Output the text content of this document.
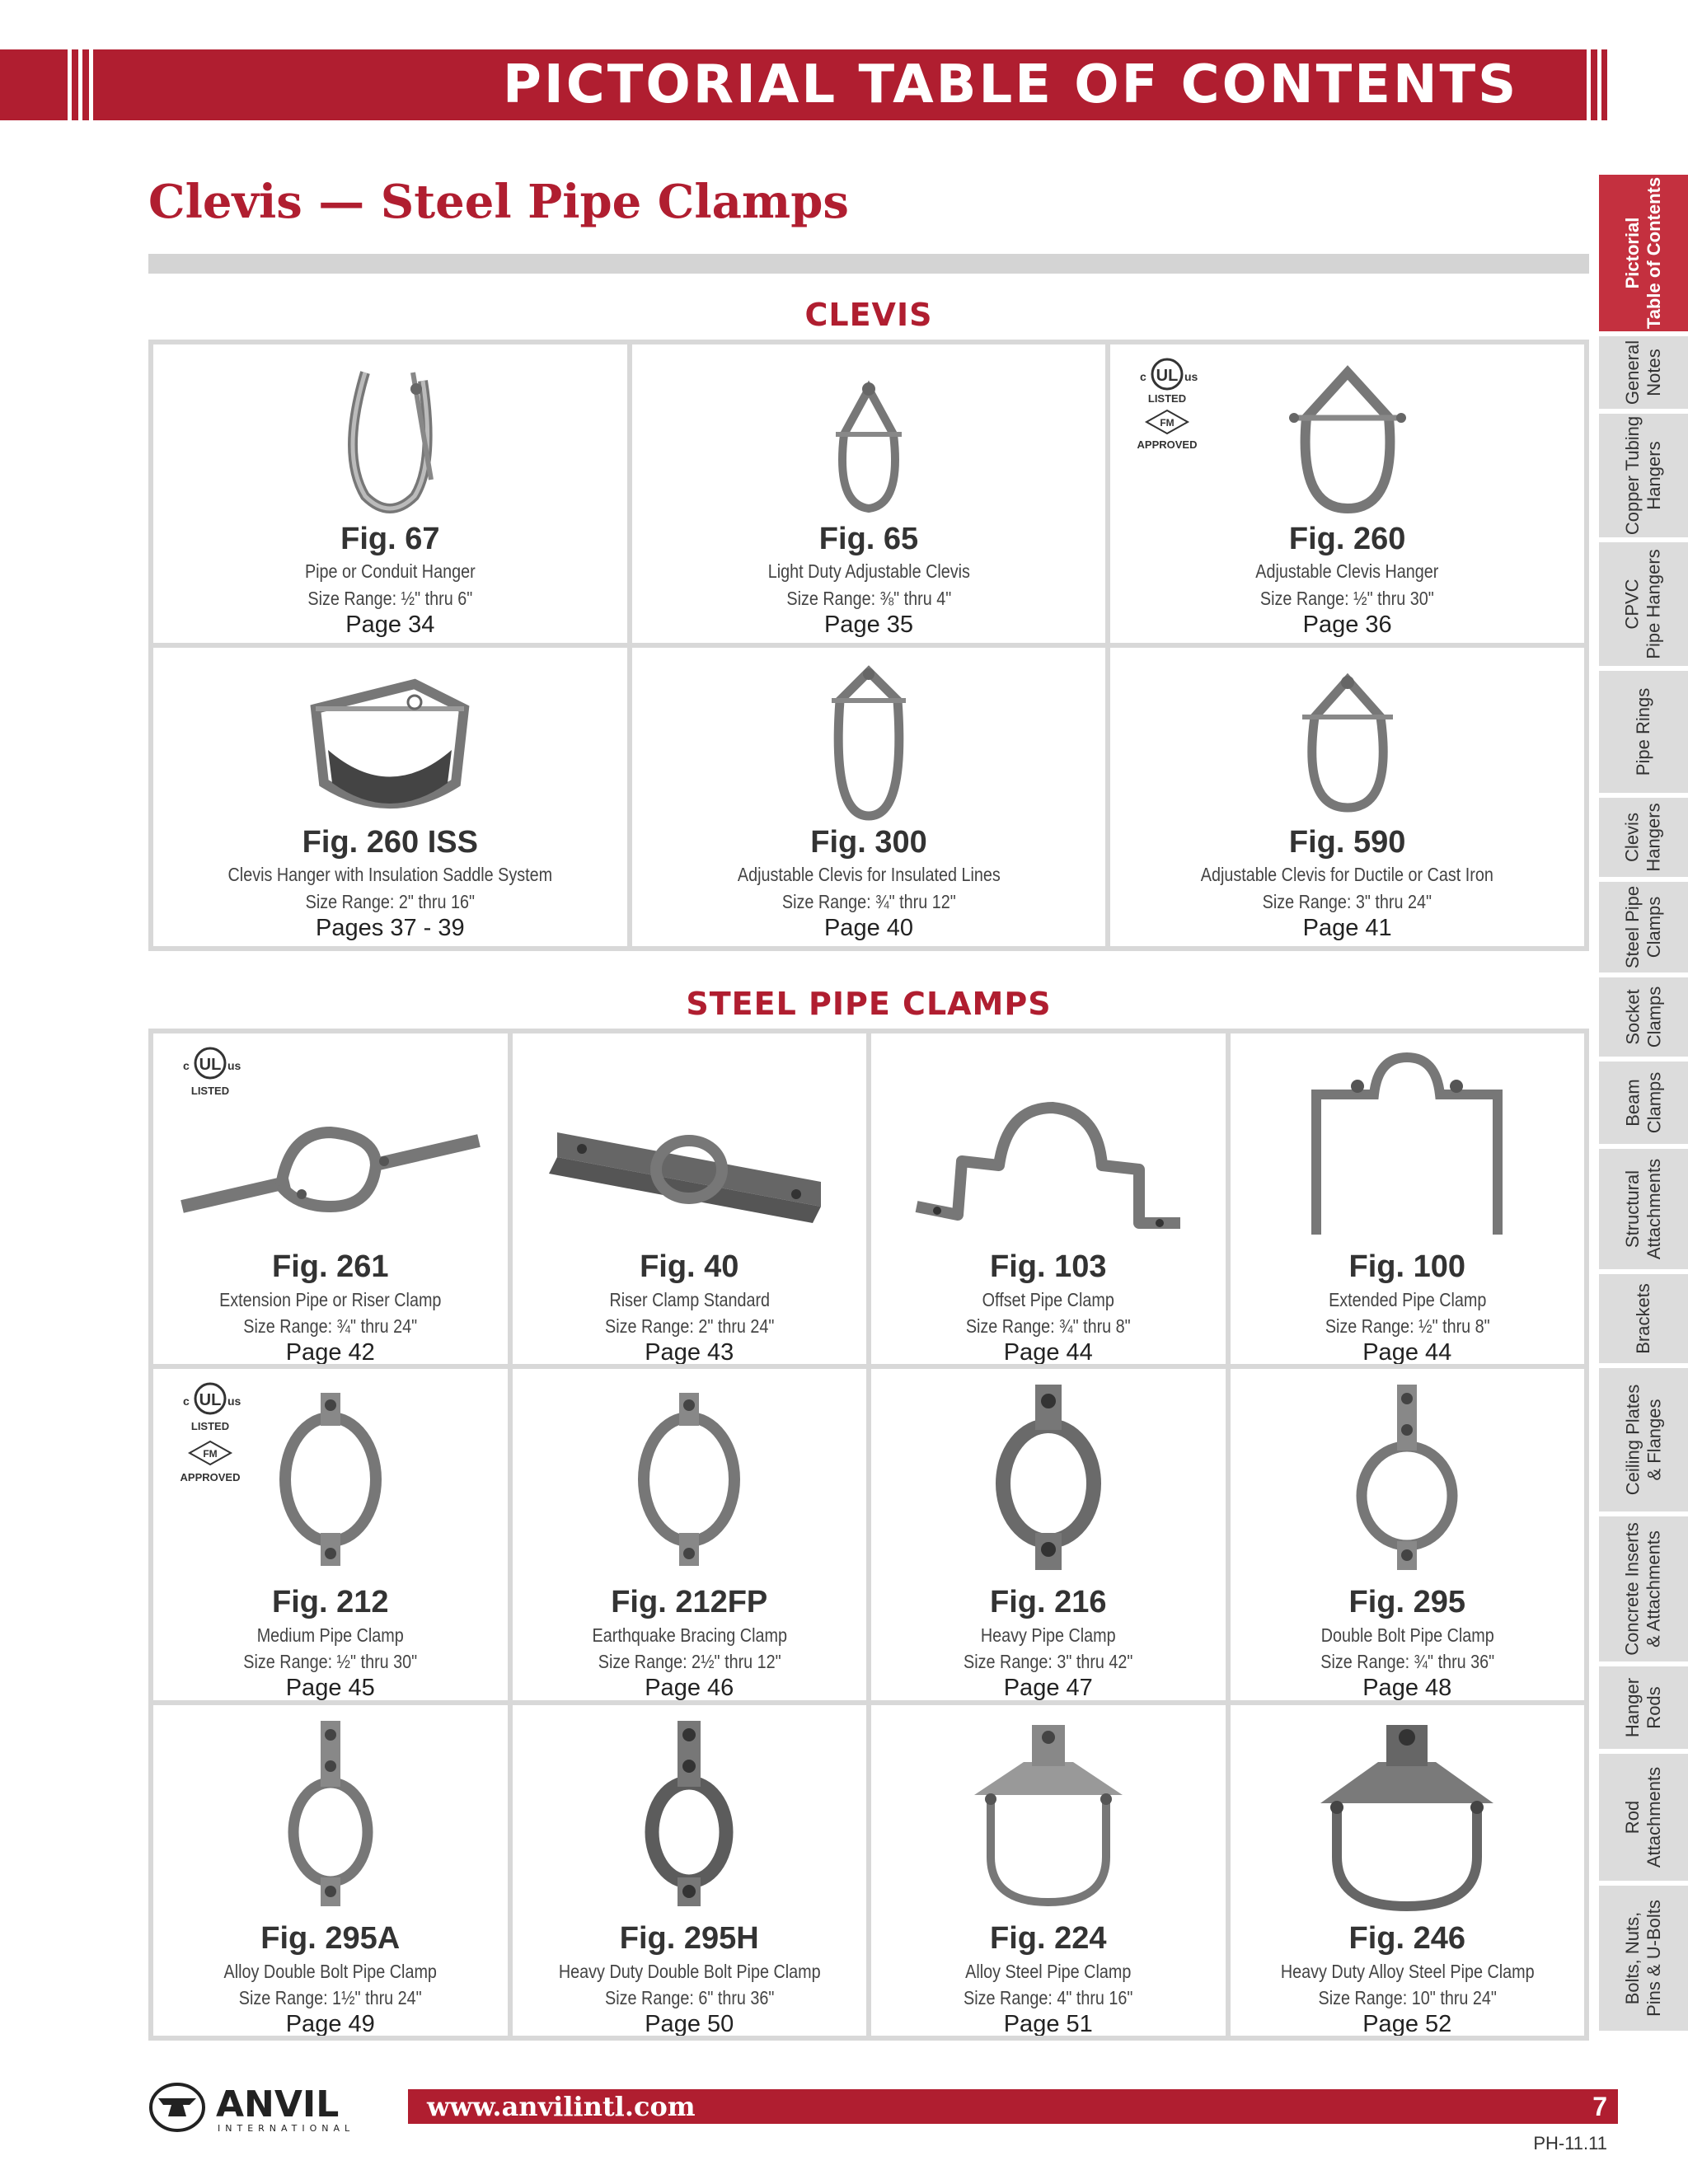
PICTORIAL TABLE OF CONTENTS
Clevis — Steel Pipe Clamps
CLEVIS
Fig. 67
Pipe or Conduit Hanger
Size Range: ½" thru 6"
Page 34
Fig. 65
Light Duty Adjustable Clevis
Size Range: ⅜" thru 4"
Page 35
UL
c	us
LISTED
FM
APPROVED
Fig. 260
Adjustable Clevis Hanger
Size Range: ½" thru 30"
Page 36
Fig. 260 ISS
Clevis Hanger with Insulation Saddle System
Size Range: 2" thru 16"
Pages 37 - 39
Fig. 300
Adjustable Clevis for Insulated Lines
Size Range: ¾" thru 12"
Page 40
Fig. 590
Adjustable Clevis for Ductile or Cast Iron
Size Range: 3" thru 24"
Page 41
STEEL PIPE CLAMPS
UL
c	us
LISTED
Fig. 261
Extension Pipe or Riser Clamp
Size Range: ¾" thru 24"
Page 42
Fig. 40
Riser Clamp Standard
Size Range: 2" thru 24"
Page 43
Fig. 103
Offset Pipe Clamp
Size Range: ¾" thru 8"
Page 44
Fig. 100
Extended Pipe Clamp
Size Range: ½" thru 8"
Page 44
UL
c	us
LISTED
FM
APPROVED
Fig. 212
Medium Pipe Clamp
Size Range: ½" thru 30"
Page 45
Fig. 212FP
Earthquake Bracing Clamp
Size Range: 2½" thru 12"
Page 46
Fig. 216
Heavy Pipe Clamp
Size Range: 3" thru 42"
Page 47
Fig. 295
Double Bolt Pipe Clamp
Size Range: ¾" thru 36"
Page 48
Fig. 295A
Alloy Double Bolt Pipe Clamp
Size Range: 1½" thru 24"
Page 49
Fig. 295H
Heavy Duty Double Bolt Pipe Clamp
Size Range: 6" thru 36"
Page 50
Fig. 224
Alloy Steel Pipe Clamp
Size Range: 4" thru 16"
Page 51
Fig. 246
Heavy Duty Alloy Steel Pipe Clamp
Size Range: 10" thru 24"
Page 52
Pictorial Table of Contents
General Notes
Copper Tubing Hangers
CPVC Pipe Hangers
Pipe Rings
Clevis Hangers
Steel Pipe Clamps
Socket Clamps
Beam Clamps
Structural Attachments
Brackets
Ceiling Plates & Flanges
Concrete Inserts & Attachments
Hanger Rods
Rod Attachments
Bolts, Nuts, Pins & U-Bolts
ANVIL
INTERNATIONAL
www.anvilintl.com	7
PH-11.11
